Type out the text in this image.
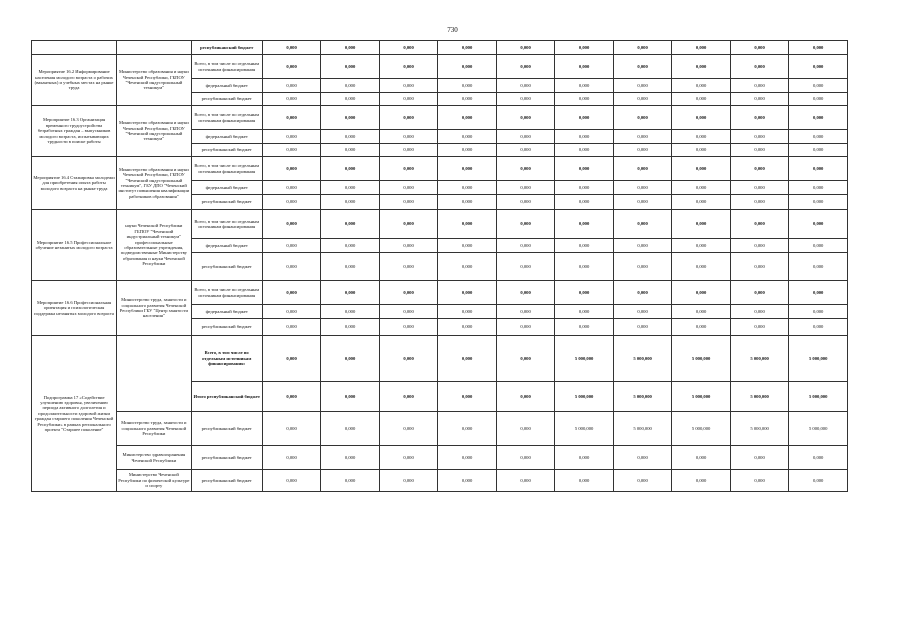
730
		республиканский бюджет	0,000	0,000	0,000	0,000	0,000	0,000	0,000	0,000	0,000	0,000
Мероприятие 16.2 Информирование населения молодого возраста о рабочих (вакантных) и учебных местах на рынке труда	Министерство образования и науки Чеченской Республики, ГБПОУ "Чеченский индустриальный техникум"	Всего, в том числе по отдельным источникам финансирования	0,000	0,000	0,000	0,000	0,000	0,000	0,000	0,000	0,000	0,000
		федеральный бюджет	0,000	0,000	0,000	0,000	0,000	0,000	0,000	0,000	0,000	0,000
		республиканский бюджет	0,000	0,000	0,000	0,000	0,000	0,000	0,000	0,000	0,000	0,000
Мероприятие 16.3 Организация временного трудоустройства безработных граждан – выпускников молодого возраста, испытывающих трудности в поиске работы	Министерство образования и науки Чеченской Республики, ГБПОУ "Чеченский индустриальный техникум"	Всего, в том числе по отдельным источникам финансирования	0,000	0,000	0,000	0,000	0,000	0,000	0,000	0,000	0,000	0,000
		федеральный бюджет	0,000	0,000	0,000	0,000	0,000	0,000	0,000	0,000	0,000	0,000
		республиканский бюджет	0,000	0,000	0,000	0,000	0,000	0,000	0,000	0,000	0,000	0,000
Мероприятие 16.4 Стажировка молодежи для приобретения опыта работы молодого возраста на рынке труда	Министерство образования и науки Чеченской Республики, ГБПОУ "Чеченский индустриальный техникум", ГБУ ДПО "Чеченский институт повышения квалификации работников образования"	Всего, в том числе по отдельным источникам финансирования	0,000	0,000	0,000	0,000	0,000	0,000	0,000	0,000	0,000	0,000
		федеральный бюджет	0,000	0,000	0,000	0,000	0,000	0,000	0,000	0,000	0,000	0,000
		республиканский бюджет	0,000	0,000	0,000	0,000	0,000	0,000	0,000	0,000	0,000	0,000
Мероприятие 16.5 Профессиональное обучение незанятых молодого возраста	науки Чеченской Республики ГБПОУ "Чеченский индустриальный техникум" профессиональные образовательные учреждения, подведомственные Министерству образования и науки Чеченской Республики	Всего, в том числе по отдельным источникам финансирования	0,000	0,000	0,000	0,000	0,000	0,000	0,000	0,000	0,000	0,000
		федеральный бюджет	0,000	0,000	0,000	0,000	0,000	0,000	0,000	0,000	0,000	0,000
		республиканский бюджет	0,000	0,000	0,000	0,000	0,000	0,000	0,000	0,000	0,000	0,000
Мероприятие 16.6 Профессиональная ориентация и психологическая поддержка незанятых молодого возраста	Министерство труда, занятости и социального развития Чеченской Республики ГБУ "Центр занятости населения"	Всего, в том числе по отдельным источникам финансирования	0,000	0,000	0,000	0,000	0,000	0,000	0,000	0,000	0,000	0,000
		федеральный бюджет	0,000	0,000	0,000	0,000	0,000	0,000	0,000	0,000	0,000	0,000
		республиканский бюджет	0,000	0,000	0,000	0,000	0,000	0,000	0,000	0,000	0,000	0,000
Подпрограмма 17 «Содействие улучшению здоровья, увеличению периода активного долголетия и продолжительности здоровой жизни граждан старшего поколения Чеченской Республики» в рамках регионального проекта "Старшее поколение"		Всего, в том числе по отдельным источникам финансирования:	0,000	0,000	0,000	0,000	0,000	5 000,000	5 000,000	5 000,000	5 000,000	5 000,000
		Итого республиканский бюджет	0,000	0,000	0,000	0,000	0,000	5 000,000	5 000,000	5 000,000	5 000,000	5 000,000
	Министерство труда, занятости и социального развития Чеченской Республики	республиканский бюджет	0,000	0,000	0,000	0,000	0,000	5 000,000	5 000,000	5 000,000	5 000,000	5 000,000
	Министерство здравоохранения Чеченской Республики	республиканский бюджет	0,000	0,000	0,000	0,000	0,000	0,000	0,000	0,000	0,000	0,000
	Министерство Чеченской Республики по физической культуре и спорту	республиканский бюджет	0,000	0,000	0,000	0,000	0,000	0,000	0,000	0,000	0,000	0,000
